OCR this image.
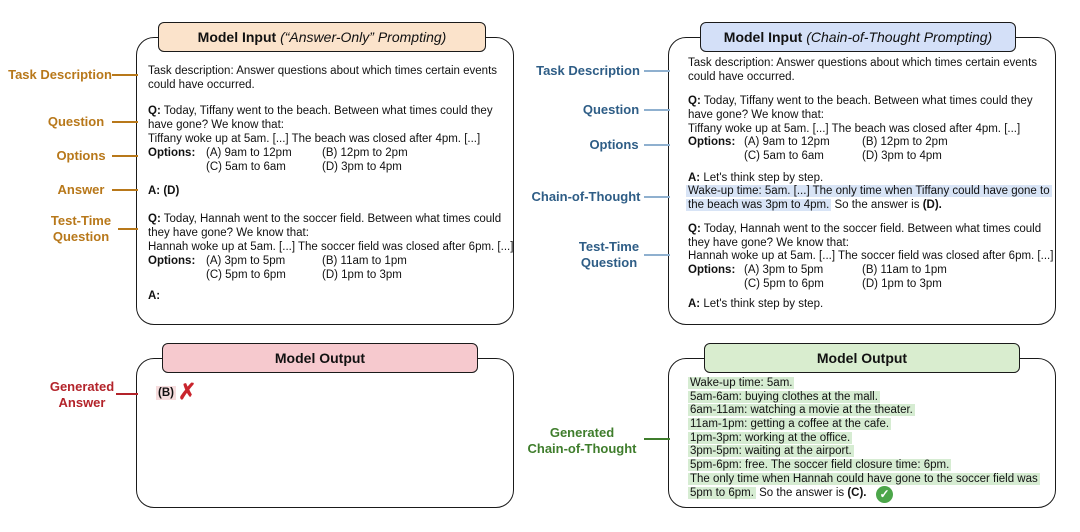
Model Input (“Answer-Only” Prompting)
Task Description
Question
Options
Answer
Test-Time
Question
Task description: Answer questions about which times certain events
could have occurred.
Q: Today, Tiffany went to the beach. Between what times could they
have gone? We know that:
Tiffany woke up at 5am. [...] The beach was closed after 4pm. [...]
Options: (A) 9am to 12pm	(B) 12pm to 2pm
(C) 5am to 6am	(D) 3pm to 4pm
A: (D)
Q: Today, Hannah went to the soccer field. Between what times could
they have gone? We know that:
Hannah woke up at 5am. [...] The soccer field was closed after 6pm. [...]
Options: (A) 3pm to 5pm	(B) 11am to 1pm
(C) 5pm to 6pm	(D) 1pm to 3pm
A:
Model Output
Generated
Answer
(B) ✗
Model Input (Chain-of-Thought Prompting)
Task Description
Question
Options
Chain-of-Thought
Test-Time
Question
Task description: Answer questions about which times certain events
could have occurred.
Q: Today, Tiffany went to the beach. Between what times could they
have gone? We know that:
Tiffany woke up at 5am. [...] The beach was closed after 4pm. [...]
Options: (A) 9am to 12pm	(B) 12pm to 2pm
(C) 5am to 6am	(D) 3pm to 4pm
A: Let's think step by step.
Wake-up time: 5am. [...] The only time when Tiffany could have gone to
the beach was 3pm to 4pm. So the answer is (D).
Q: Today, Hannah went to the soccer field. Between what times could
they have gone? We know that:
Hannah woke up at 5am. [...] The soccer field was closed after 6pm. [...]
Options: (A) 3pm to 5pm	(B) 11am to 1pm
(C) 5pm to 6pm	(D) 1pm to 3pm
A: Let's think step by step.
Model Output
Generated
Chain-of-Thought
Wake-up time: 5am.
5am-6am: buying clothes at the mall.
6am-11am: watching a movie at the theater.
11am-1pm: getting a coffee at the cafe.
1pm-3pm: working at the office.
3pm-5pm: waiting at the airport.
5pm-6pm: free. The soccer field closure time: 6pm.
The only time when Hannah could have gone to the soccer field was
5pm to 6pm. So the answer is (C). ✓
